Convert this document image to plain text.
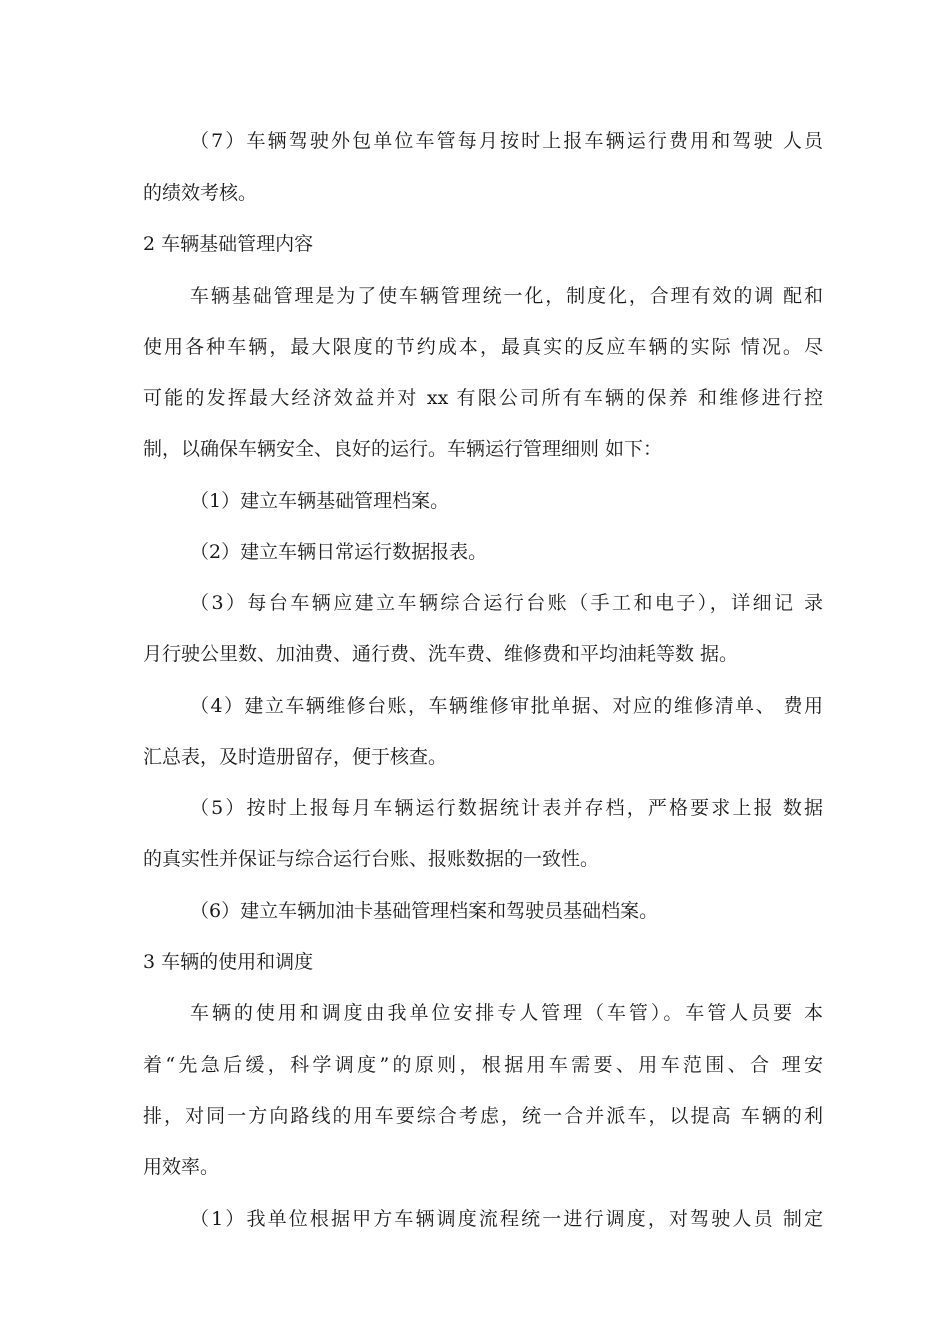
（7）车辆驾驶外包单位车管每月按时上报车辆运行费用和驾驶 人员
的绩效考核。
2 车辆基础管理内容
车辆基础管理是为了使车辆管理统一化，制度化，合理有效的调 配和
使用各种车辆，最大限度的节约成本，最真实的反应车辆的实际 情况。尽
可能的发挥最大经济效益并对 xx 有限公司所有车辆的保养 和维修进行控
制，以确保车辆安全、良好的运行。车辆运行管理细则 如下：
（1）建立车辆基础管理档案。
（2）建立车辆日常运行数据报表。
（3）每台车辆应建立车辆综合运行台账（手工和电子），详细记 录
月行驶公里数、加油费、通行费、洗车费、维修费和平均油耗等数 据。
（4）建立车辆维修台账，车辆维修审批单据、对应的维修清单、 费用
汇总表，及时造册留存，便于核查。
（5）按时上报每月车辆运行数据统计表并存档，严格要求上报 数据
的真实性并保证与综合运行台账、报账数据的一致性。
（6）建立车辆加油卡基础管理档案和驾驶员基础档案。
3 车辆的使用和调度
车辆的使用和调度由我单位安排专人管理（车管）。车管人员要 本
着“先急后缓，科学调度”的原则，根据用车需要、用车范围、合 理安
排，对同一方向路线的用车要综合考虑，统一合并派车，以提高 车辆的利
用效率。
（1）我单位根据甲方车辆调度流程统一进行调度，对驾驶人员 制定
